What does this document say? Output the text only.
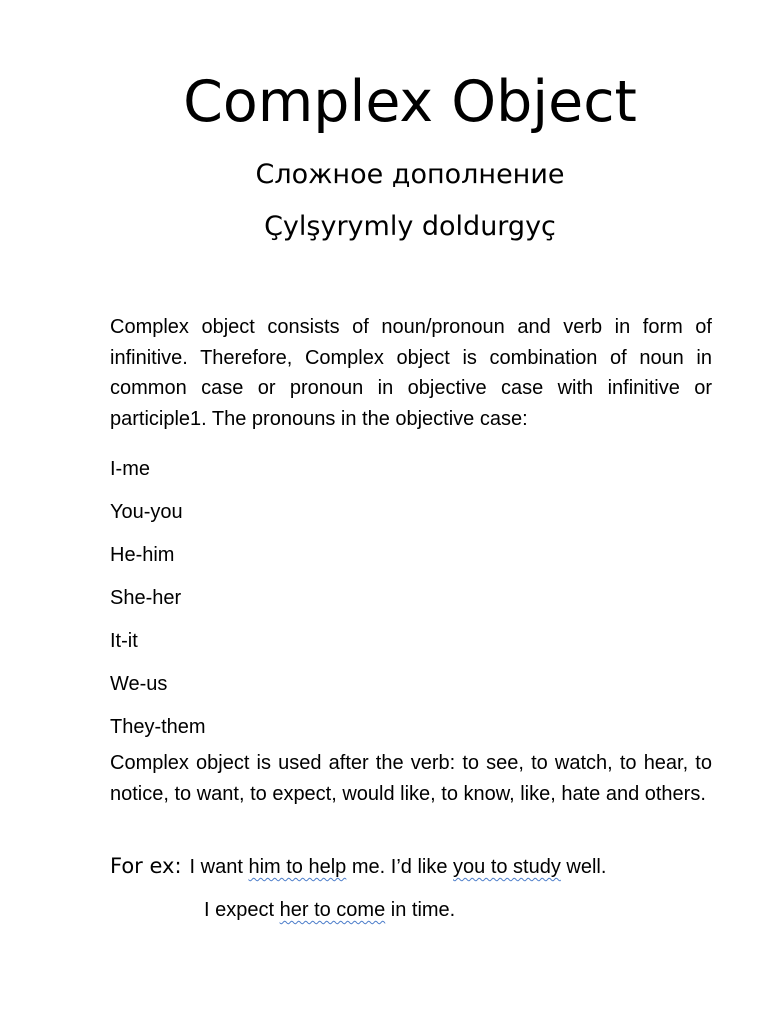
Complex Object

Сложное дополнение

Çylşyrymly doldurgyç

Complex object consists of noun/pronoun and verb in form of infinitive. Therefore, Complex object is combination of noun in common case or pronoun in objective case with infinitive or participle1. The pronouns in the objective case:

I-me
You-you
He-him
She-her
It-it
We-us
They-them

Complex object is used after the verb: to see, to watch, to hear, to notice, to want, to expect, would like, to know, like, hate and others.

For ex: I want him to help me. I’d like you to study well.

I expect her to come in time.
